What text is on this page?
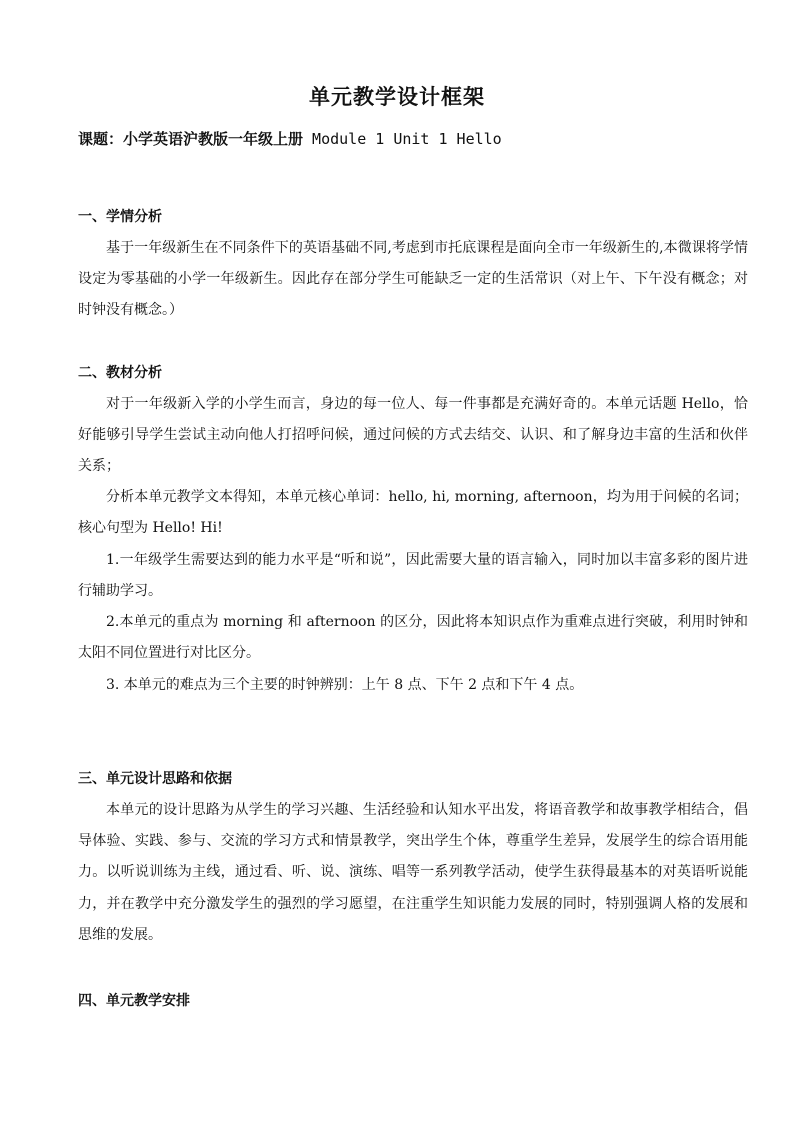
单元教学设计框架
课题：小学英语沪教版一年级上册 Module 1 Unit 1 Hello
一、学情分析
基于一年级新生在不同条件下的英语基础不同,考虑到市托底课程是面向全市一年级新生的,本微课将学情设定为零基础的小学一年级新生。因此存在部分学生可能缺乏一定的生活常识（对上午、下午没有概念；对时钟没有概念。）
二、教材分析
对于一年级新入学的小学生而言，身边的每一位人、每一件事都是充满好奇的。本单元话题 Hello，恰好能够引导学生尝试主动向他人打招呼问候，通过问候的方式去结交、认识、和了解身边丰富的生活和伙伴关系；
分析本单元教学文本得知，本单元核心单词：hello, hi, morning, afternoon，均为用于问候的名词；核心句型为 Hello! Hi!
1.一年级学生需要达到的能力水平是“听和说”，因此需要大量的语言输入，同时加以丰富多彩的图片进行辅助学习。
2.本单元的重点为 morning 和 afternoon 的区分，因此将本知识点作为重难点进行突破，利用时钟和太阳不同位置进行对比区分。
3. 本单元的难点为三个主要的时钟辨别：上午 8 点、下午 2 点和下午 4 点。
三、单元设计思路和依据
本单元的设计思路为从学生的学习兴趣、生活经验和认知水平出发，将语音教学和故事教学相结合，倡导体验、实践、参与、交流的学习方式和情景教学，突出学生个体，尊重学生差异，发展学生的综合语用能力。以听说训练为主线，通过看、听、说、演练、唱等一系列教学活动，使学生获得最基本的对英语听说能力，并在教学中充分激发学生的强烈的学习愿望，在注重学生知识能力发展的同时，特别强调人格的发展和思维的发展。
四、单元教学安排
